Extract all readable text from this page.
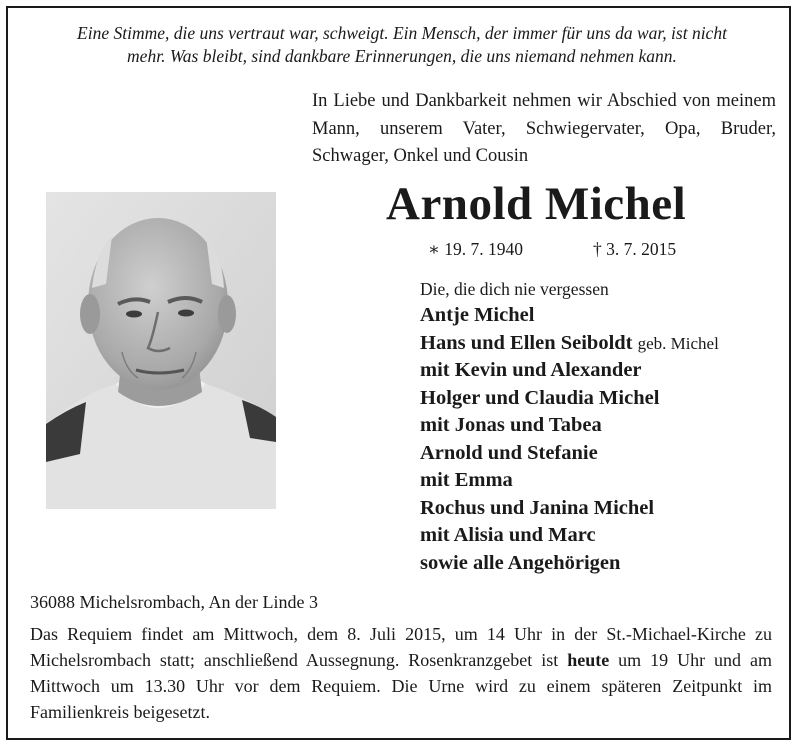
Eine Stimme, die uns vertraut war, schweigt. Ein Mensch, der immer für uns da war, ist nicht
mehr. Was bleibt, sind dankbare Erinnerungen, die uns niemand nehmen kann.
In Liebe und Dankbarkeit nehmen wir Abschied von meinem Mann, unserem Vater, Schwiegervater, Opa, Bruder, Schwager, Onkel und Cousin
Arnold Michel
∗ 19. 7. 1940	† 3. 7. 2015
Die, die dich nie vergessen
Antje Michel
Hans und Ellen Seiboldt geb. Michel
mit Kevin und Alexander
Holger und Claudia Michel
mit Jonas und Tabea
Arnold und Stefanie
mit Emma
Rochus und Janina Michel
mit Alisia und Marc
sowie alle Angehörigen
36088 Michelsrombach, An der Linde 3
Das Requiem findet am Mittwoch, dem 8. Juli 2015, um 14 Uhr in der St.-Michael-Kirche zu Michelsrombach statt; anschließend Aussegnung. Rosenkranzgebet ist heute um 19 Uhr und am Mittwoch um 13.30 Uhr vor dem Requiem. Die Urne wird zu einem späteren Zeitpunkt im Familienkreis beigesetzt.
